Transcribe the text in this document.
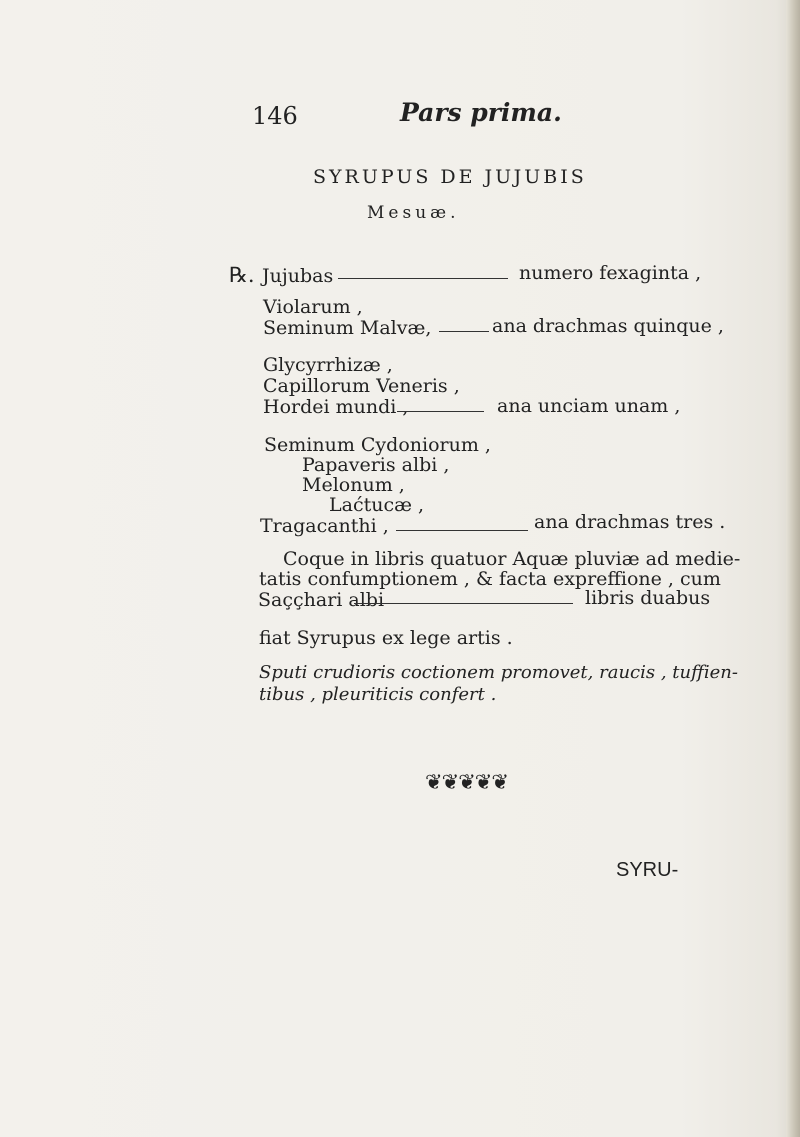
146	Pars prima.
SYRUPUS DE JUJUBIS
Mesuæ.
℞. Jujubas	numero fexaginta ,
Violarum ,
Seminum Malvæ,	ana drachmas quinque ,
Glycyrrhizæ ,
Capillorum Veneris ,
Hordei mundi ,	ana unciam unam ,
Seminum Cydoniorum ,
Papaveris albi ,
Melonum ,
Laćtucæ ,
Tragacanthi ,	ana drachmas tres .
Coque in libris quatuor Aquæ pluviæ ad medie-
tatis confumptionem , & facta expreffione , cum
Saççhari albi	libris duabus
fiat Syrupus ex lege artis .
Sputi crudioris coctionem promovet, raucis , tuffien-
tibus , pleuriticis confert .
❦❦❦❦❦
SYRU-
